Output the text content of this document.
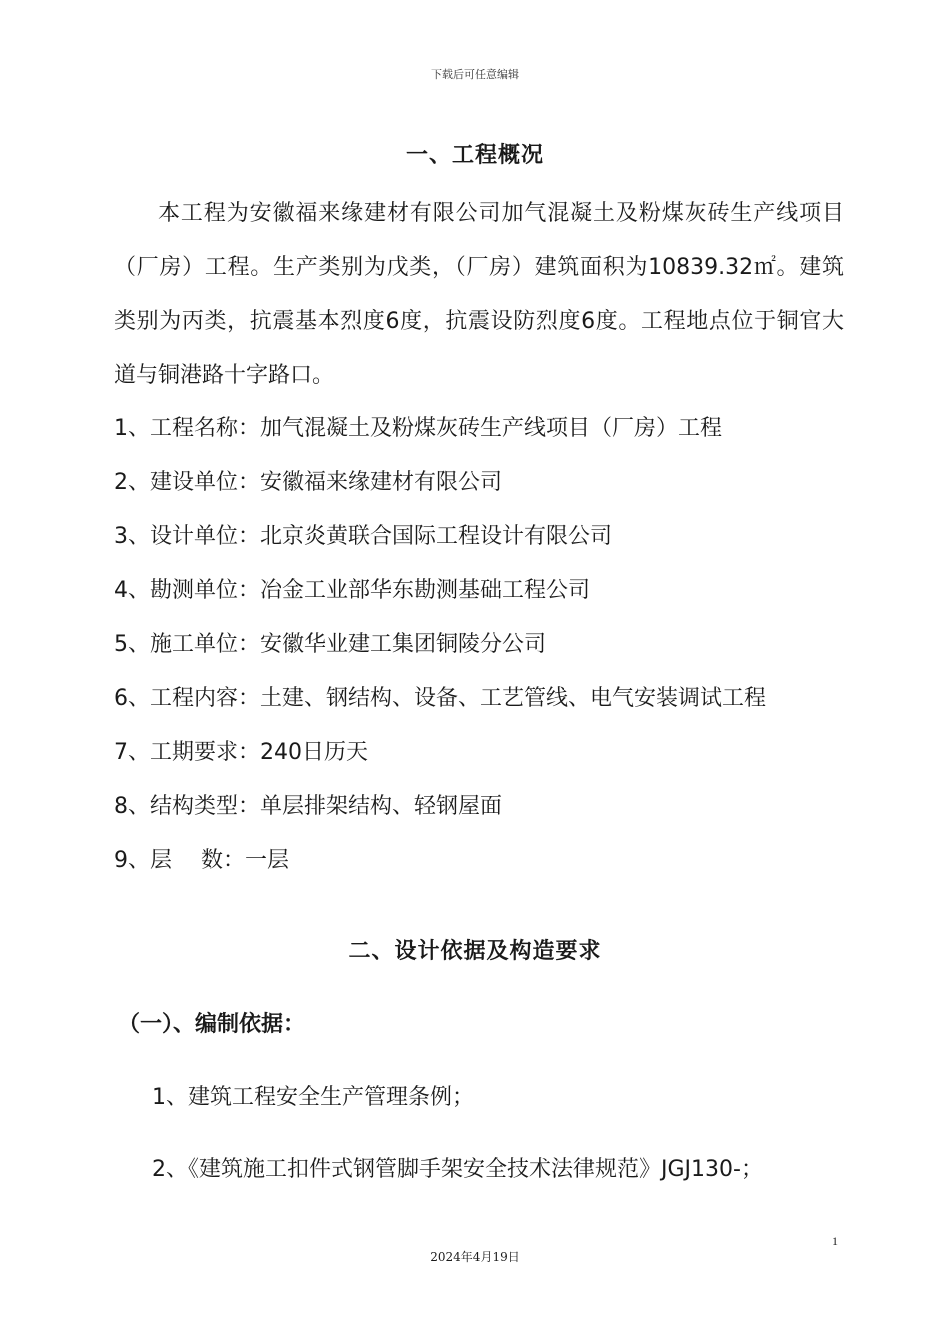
下载后可任意编辑
一、工程概况
本工程为安徽福来缘建材有限公司加气混凝土及粉煤灰砖生产线项目（厂房）工程。生产类别为戊类，（厂房）建筑面积为10839.32㎡。建筑类别为丙类，抗震基本烈度6度，抗震设防烈度6度。工程地点位于铜官大道与铜港路十字路口。
1、工程名称：加气混凝土及粉煤灰砖生产线项目（厂房）工程
2、建设单位：安徽福来缘建材有限公司
3、设计单位：北京炎黄联合国际工程设计有限公司
4、勘测单位：冶金工业部华东勘测基础工程公司
5、施工单位：安徽华业建工集团铜陵分公司
6、工程内容：土建、钢结构、设备、工艺管线、电气安装调试工程
7、工期要求：240日历天
8、结构类型：单层排架结构、轻钢屋面
9、层　 数：一层
二、设计依据及构造要求
（一）、编制依据：
1、建筑工程安全生产管理条例；
2、《建筑施工扣件式钢管脚手架安全技术法律规范》JGJ130-；
1
2024年4月19日
